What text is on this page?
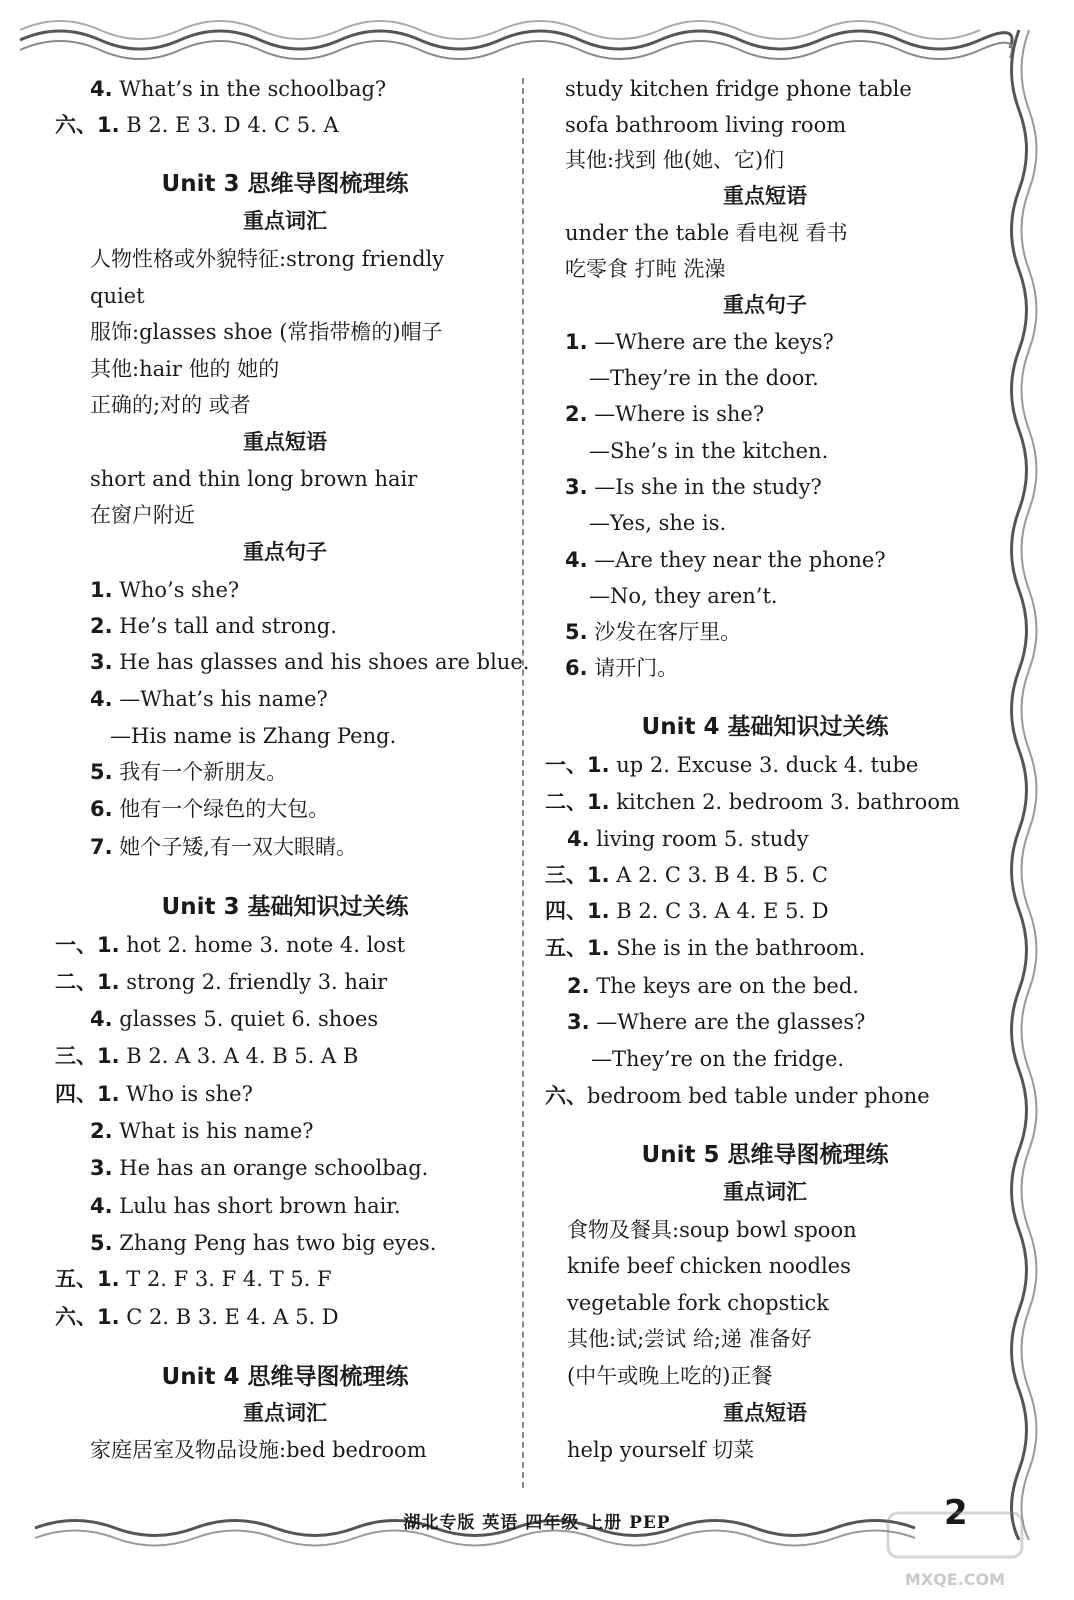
4. What’s in the schoolbag?
六、1. B 2. E 3. D 4. C 5. A
Unit 3 思维导图梳理练
重点词汇
人物性格或外貌特征:strong friendly
quiet
服饰:glasses shoe (常指带檐的)帽子
其他:hair 他的 她的
正确的;对的 或者
重点短语
short and thin long brown hair
在窗户附近
重点句子
1. Who’s she?
2. He’s tall and strong.
3. He has glasses and his shoes are blue.
4. —What’s his name?
—His name is Zhang Peng.
5. 我有一个新朋友。
6. 他有一个绿色的大包。
7. 她个子矮,有一双大眼睛。
Unit 3 基础知识过关练
一、1. hot 2. home 3. note 4. lost
二、1. strong 2. friendly 3. hair
4. glasses 5. quiet 6. shoes
三、1. B 2. A 3. A 4. B 5. A B
四、1. Who is she?
2. What is his name?
3. He has an orange schoolbag.
4. Lulu has short brown hair.
5. Zhang Peng has two big eyes.
五、1. T 2. F 3. F 4. T 5. F
六、1. C 2. B 3. E 4. A 5. D
Unit 4 思维导图梳理练
重点词汇
家庭居室及物品设施:bed bedroom
study kitchen fridge phone table
sofa bathroom living room
其他:找到 他(她、它)们
重点短语
under the table 看电视 看书
吃零食 打盹 洗澡
重点句子
1. —Where are the keys?
—They’re in the door.
2. —Where is she?
—She’s in the kitchen.
3. —Is she in the study?
—Yes, she is.
4. —Are they near the phone?
—No, they aren’t.
5. 沙发在客厅里。
6. 请开门。
Unit 4 基础知识过关练
一、1. up 2. Excuse 3. duck 4. tube
二、1. kitchen 2. bedroom 3. bathroom
4. living room 5. study
三、1. A 2. C 3. B 4. B 5. C
四、1. B 2. C 3. A 4. E 5. D
五、1. She is in the bathroom.
2. The keys are on the bed.
3. —Where are the glasses?
—They’re on the fridge.
六、bedroom bed table under phone
Unit 5 思维导图梳理练
重点词汇
食物及餐具:soup bowl spoon
knife beef chicken noodles
vegetable fork chopstick
其他:试;尝试 给;递 准备好
(中午或晚上吃的)正餐
重点短语
help yourself 切菜
湖北专版 英语 四年级 上册 PEP	2
MXQE.COM
